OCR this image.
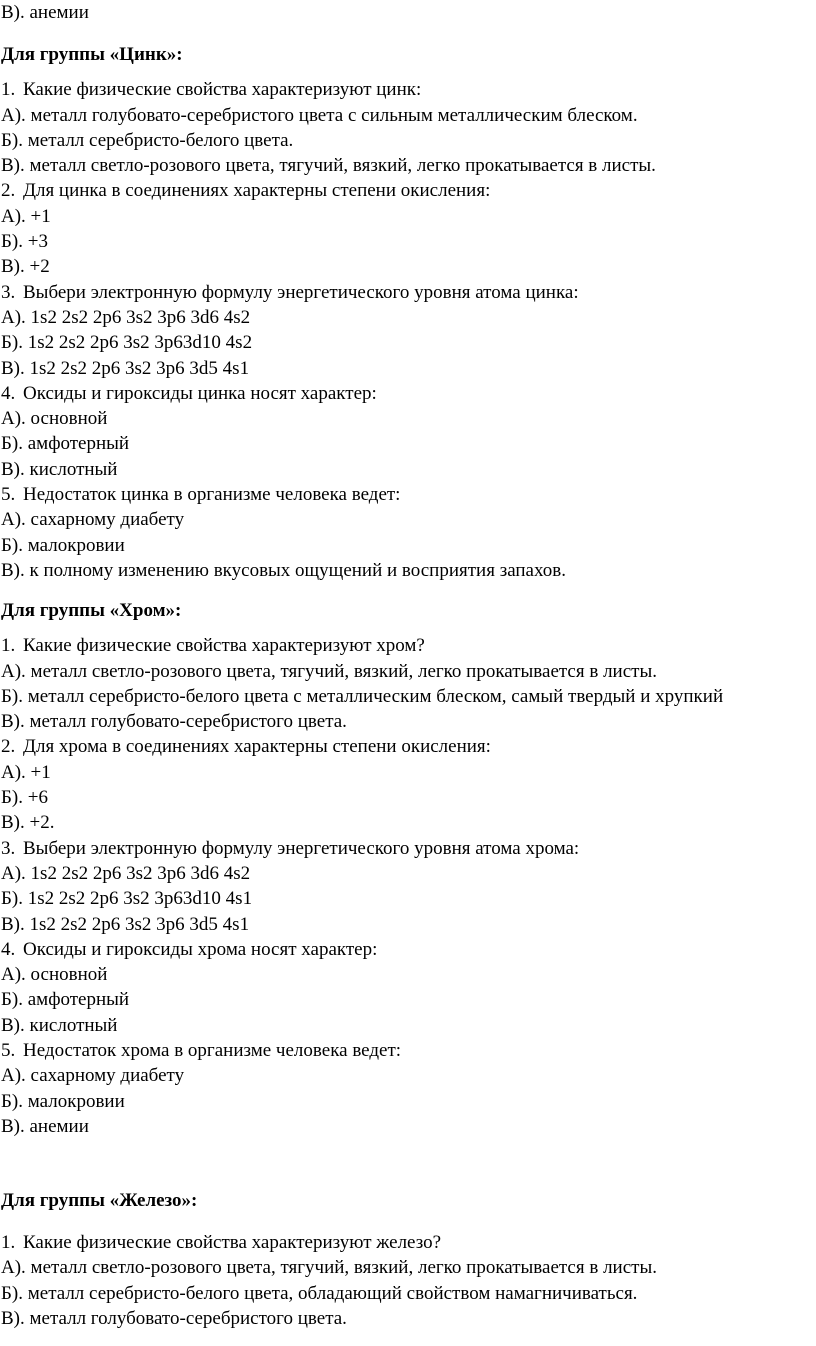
В). анемии
Для группы «Цинк»:
1. Какие физические свойства характеризуют цинк:
А). металл голубовато-серебристого цвета с сильным металлическим блеском.
Б). металл серебристо-белого цвета.
В). металл светло-розового цвета, тягучий, вязкий, легко прокатывается в листы.
2. Для цинка в соединениях характерны степени окисления:
А). +1
Б). +3
В). +2
3. Выбери электронную формулу энергетического уровня атома цинка:
А). 1s2 2s2 2p6 3s2 3p6 3d6 4s2
Б). 1s2 2s2 2p6 3s2 3p63d10 4s2
В). 1s2 2s2 2p6 3s2 3p6 3d5 4s1
4. Оксиды и гироксиды цинка носят характер:
А). основной
Б). амфотерный
В). кислотный
5. Недостаток цинка в организме человека ведет:
А). сахарному диабету
Б). малокровии
В). к полному изменению вкусовых ощущений и восприятия запахов.
Для группы «Хром»:
1. Какие физические свойства характеризуют хром?
А). металл светло-розового цвета, тягучий, вязкий, легко прокатывается в листы.
Б). металл серебристо-белого цвета с металлическим блеском, самый твердый и хрупкий
В). металл голубовато-серебристого цвета.
2. Для хрома в соединениях характерны степени окисления:
А). +1
Б). +6
В). +2.
3. Выбери электронную формулу энергетического уровня атома хрома:
А). 1s2 2s2 2p6 3s2 3p6 3d6 4s2
Б). 1s2 2s2 2p6 3s2 3p63d10 4s1
В). 1s2 2s2 2p6 3s2 3p6 3d5 4s1
4. Оксиды и гироксиды хрома носят характер:
А). основной
Б). амфотерный
В). кислотный
5. Недостаток хрома в организме человека ведет:
А). сахарному диабету
Б). малокровии
В). анемии
Для группы «Железо»:
1. Какие физические свойства характеризуют железо?
А). металл светло-розового цвета, тягучий, вязкий, легко прокатывается в листы.
Б). металл серебристо-белого цвета, обладающий свойством намагничиваться.
В). металл голубовато-серебристого цвета.
